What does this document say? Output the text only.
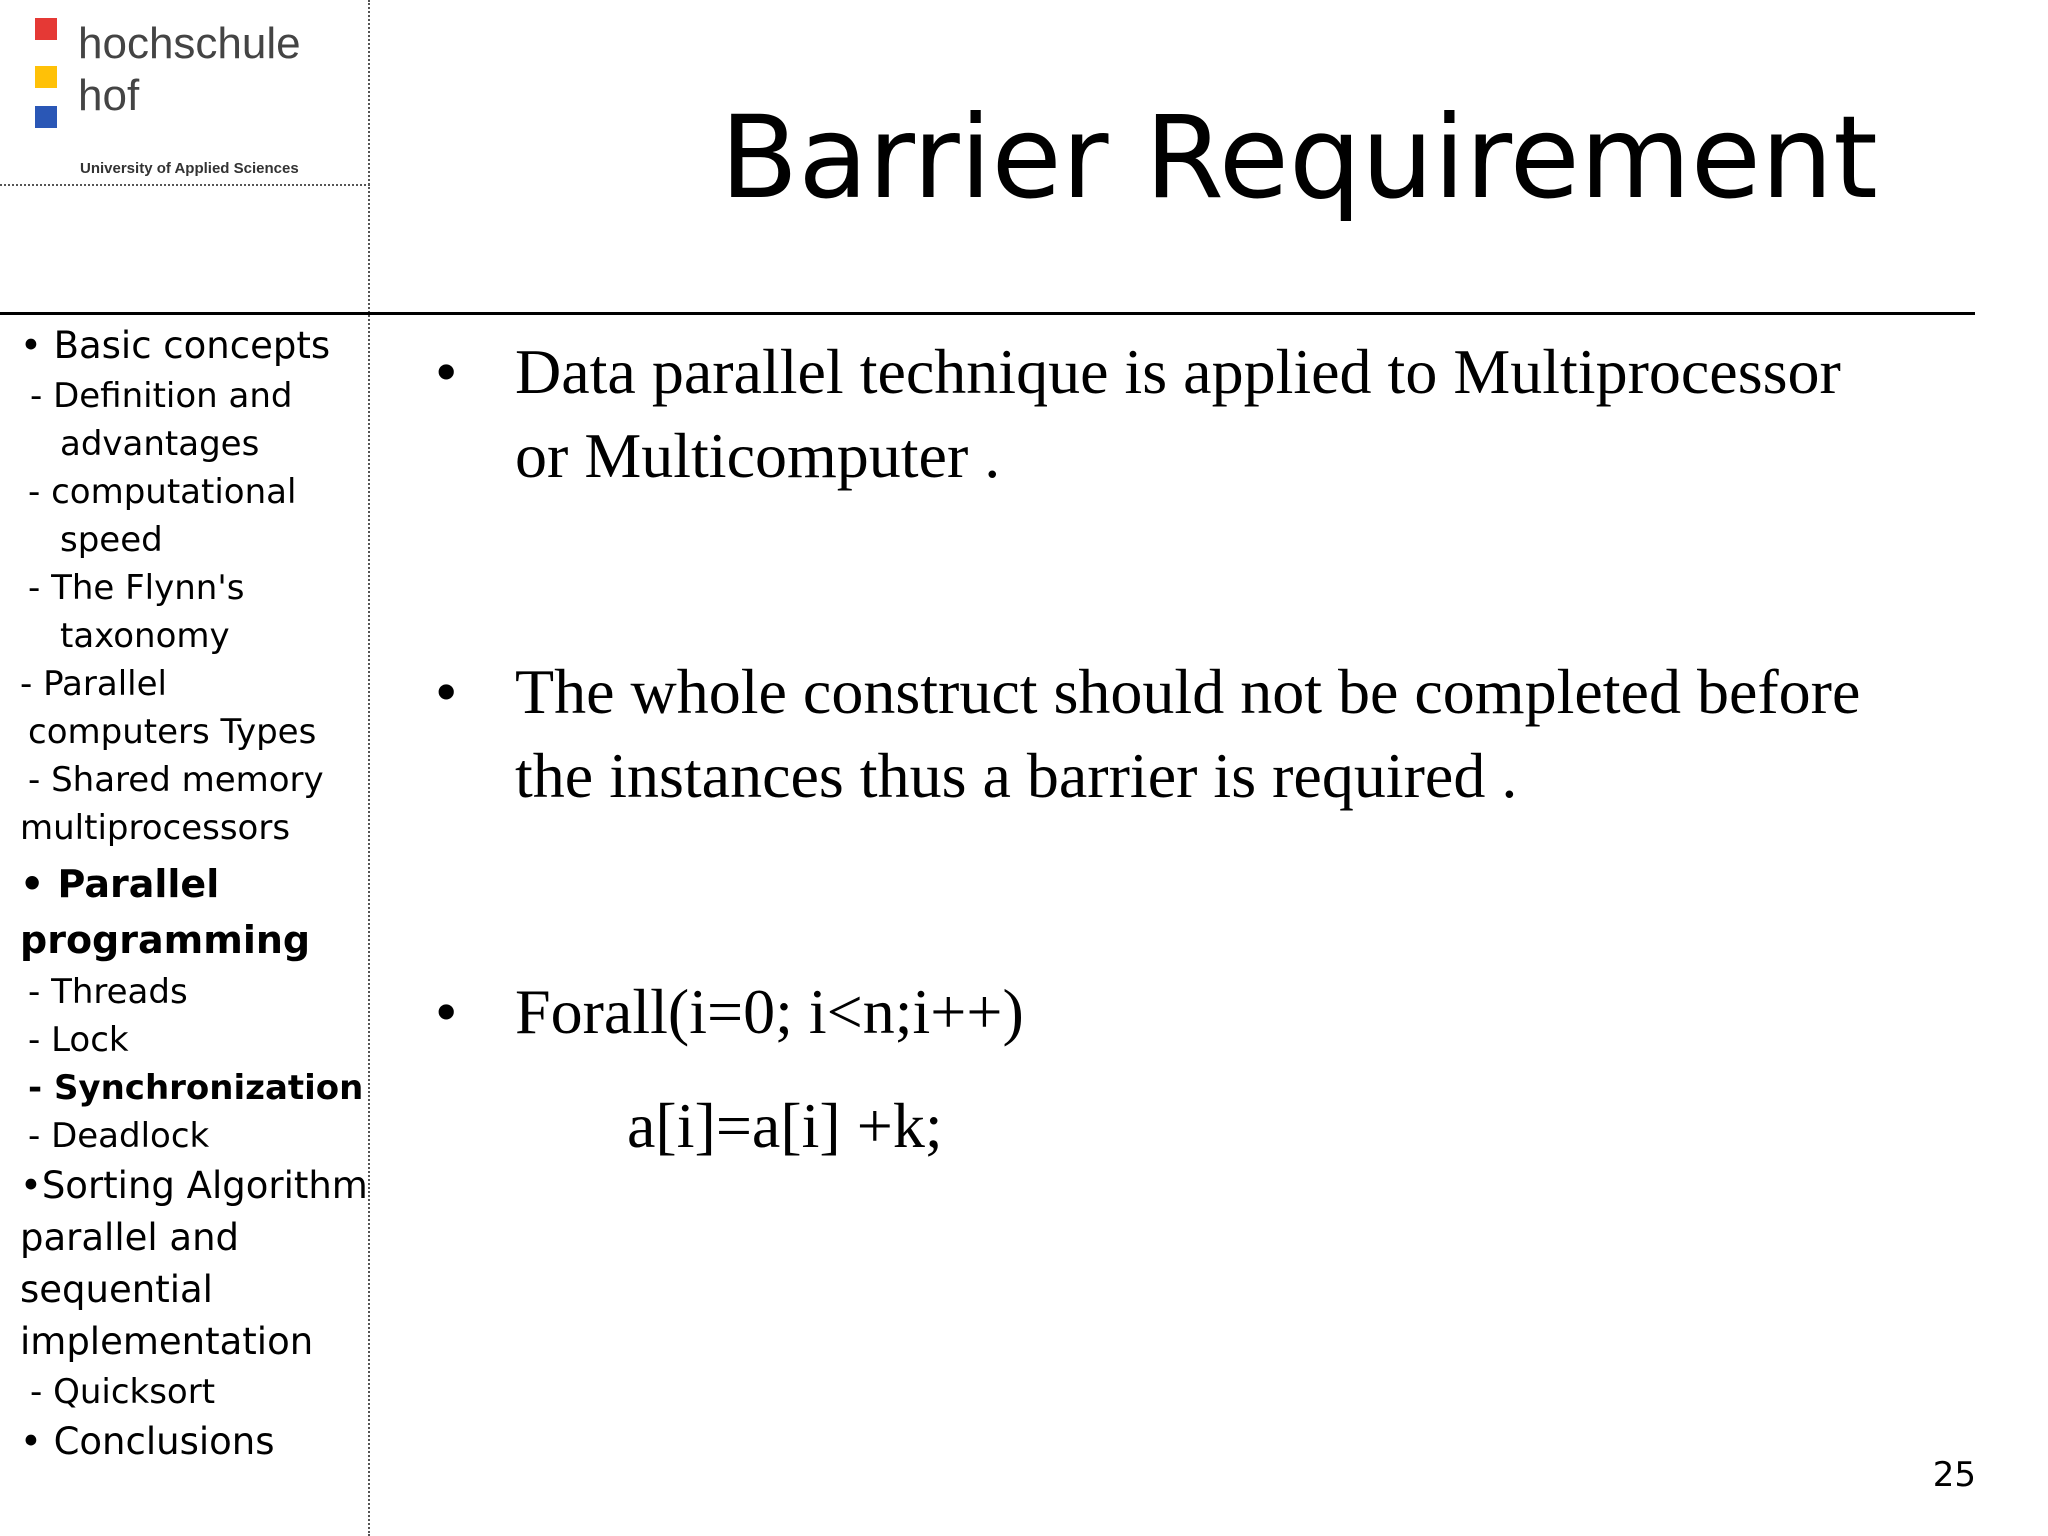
hochschule
hof
University of Applied Sciences	Barrier Requirement
• Basic concepts
- Definition and
advantages
- computational
speed
- The Flynn's
taxonomy
- Parallel
computers Types
- Shared memory
multiprocessors
• Parallel
programming
- Threads
- Lock
- Synchronization
- Deadlock
•Sorting Algorithm
parallel and
sequential
implementation
- Quicksort
• Conclusions
• Data parallel technique is applied to Multiprocessor
or Multicomputer .
• The whole construct should not be completed before
the instances thus a barrier is required .
• Forall(i=0; i<n;i++)
a[i]=a[i] +k;
25
